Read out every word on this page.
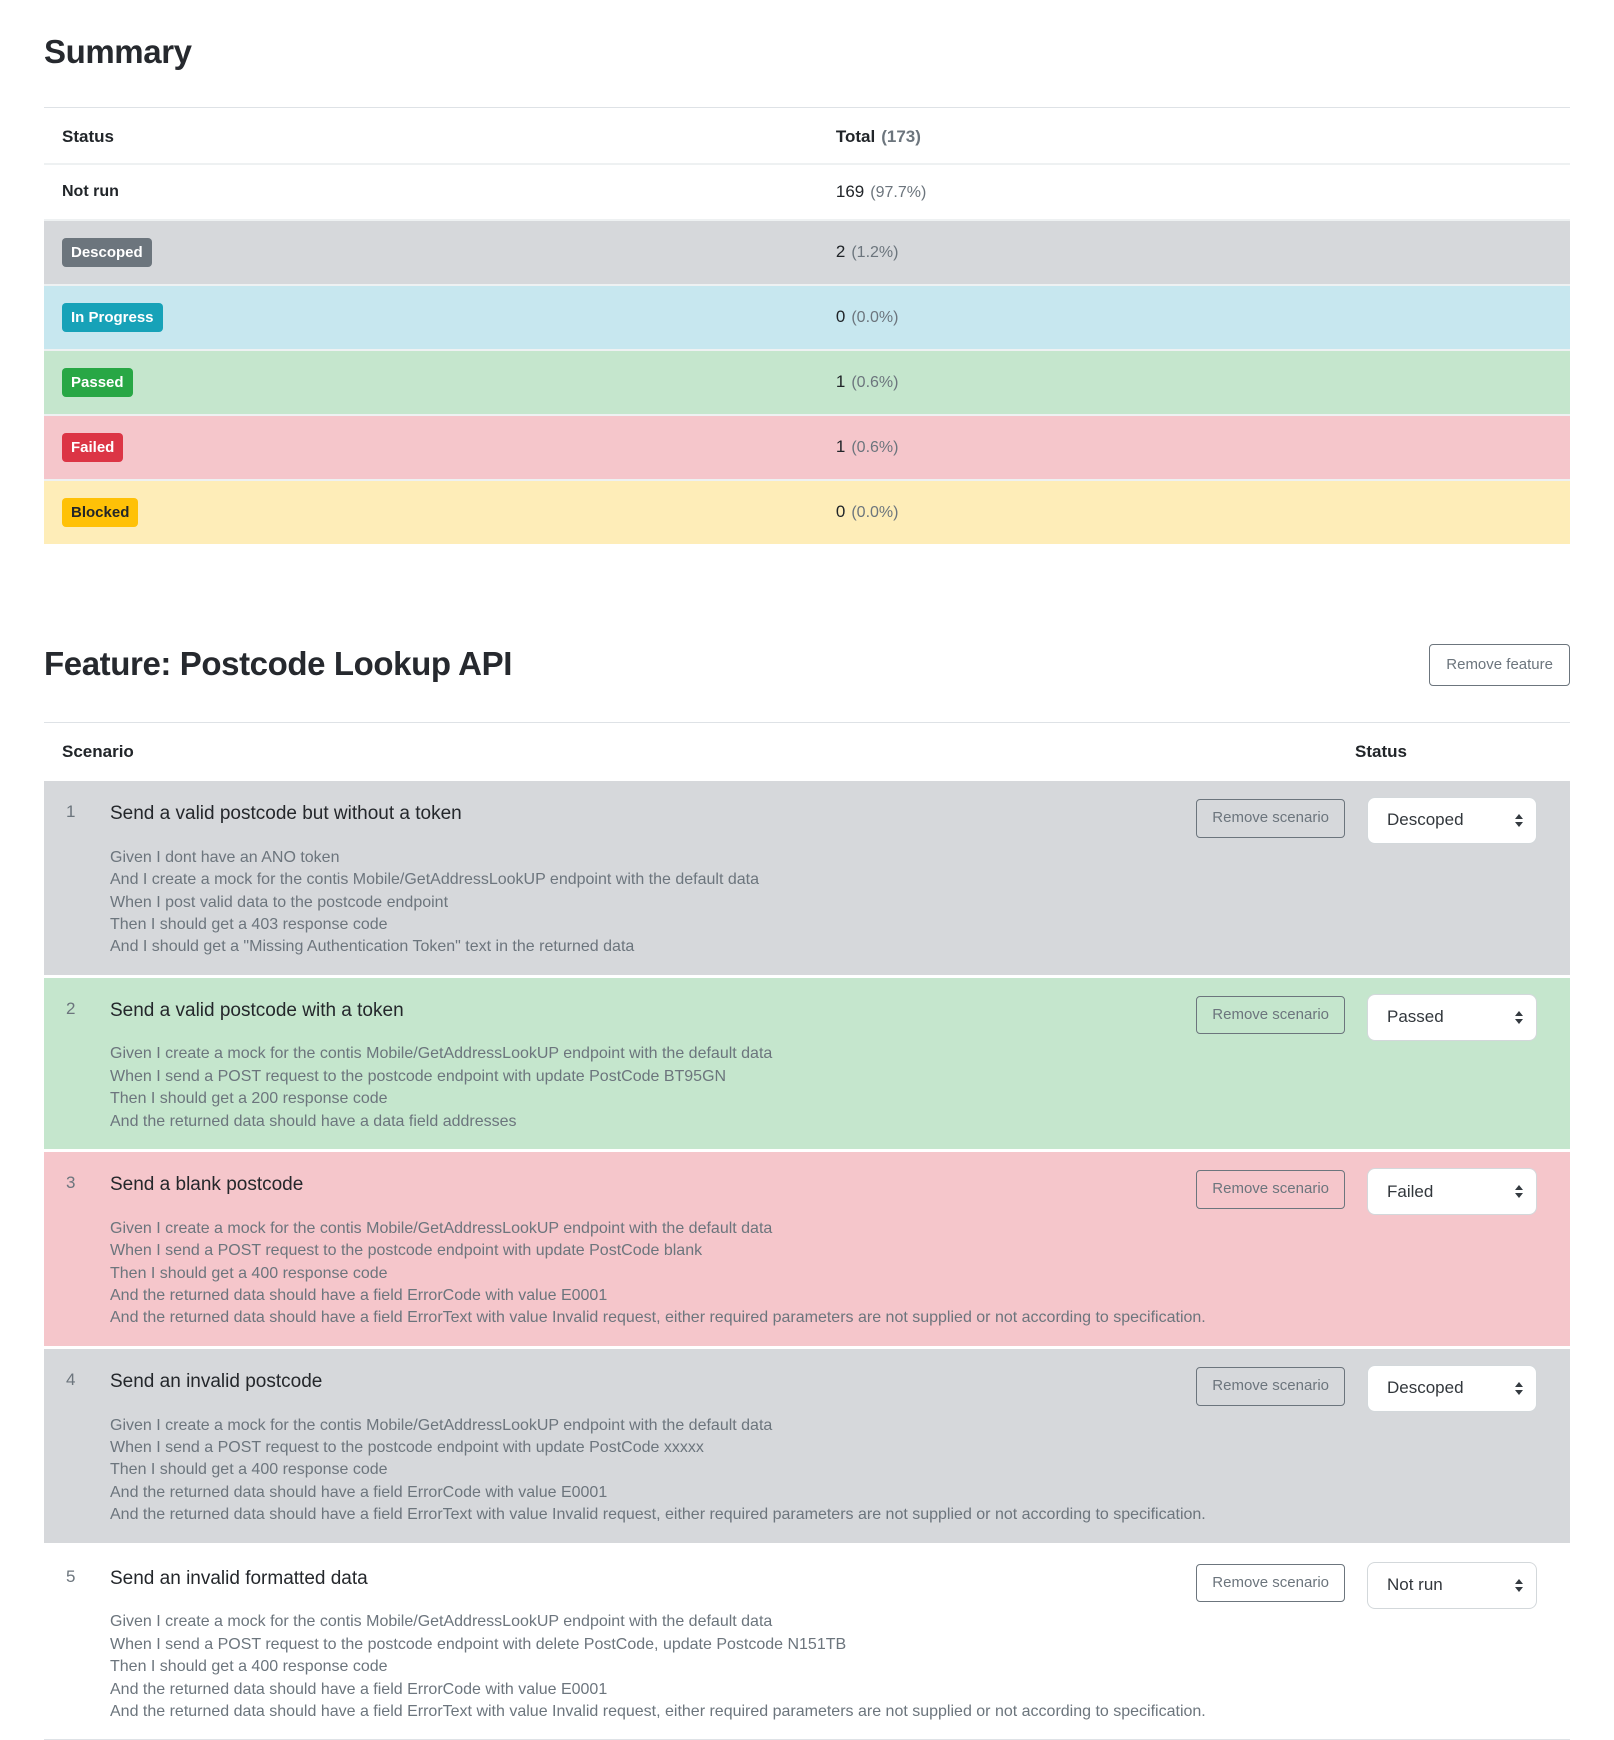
Summary
Status	Total (173)
Not run	169 (97.7%)
Descoped	2 (1.2%)
In Progress	0 (0.0%)
Passed	1 (0.6%)
Failed	1 (0.6%)
Blocked	0 (0.0%)
Feature: Postcode Lookup API	Remove feature
Scenario		Status
1	Send a valid postcode but without a token	Remove scenario
Given I dont have an ANO token
And I create a mock for the contis Mobile/GetAddressLookUP endpoint with the default data
When I post valid data to the postcode endpoint
Then I should get a 403 response code
And I should get a "Missing Authentication Token" text in the returned data

Descoped

2	Send a valid postcode with a token	Remove scenario
Given I create a mock for the contis Mobile/GetAddressLookUP endpoint with the default data
When I send a POST request to the postcode endpoint with update PostCode BT95GN
Then I should get a 200 response code
And the returned data should have a data field addresses

Passed

3	Send a blank postcode	Remove scenario
Given I create a mock for the contis Mobile/GetAddressLookUP endpoint with the default data
When I send a POST request to the postcode endpoint with update PostCode blank
Then I should get a 400 response code
And the returned data should have a field ErrorCode with value E0001
And the returned data should have a field ErrorText with value Invalid request, either required parameters are not supplied or not according to specification.

Failed

4	Send an invalid postcode	Remove scenario
Given I create a mock for the contis Mobile/GetAddressLookUP endpoint with the default data
When I send a POST request to the postcode endpoint with update PostCode xxxxx
Then I should get a 400 response code
And the returned data should have a field ErrorCode with value E0001
And the returned data should have a field ErrorText with value Invalid request, either required parameters are not supplied or not according to specification.

Descoped

5	Send an invalid formatted data	Remove scenario
Given I create a mock for the contis Mobile/GetAddressLookUP endpoint with the default data
When I send a POST request to the postcode endpoint with delete PostCode, update Postcode N151TB
Then I should get a 400 response code
And the returned data should have a field ErrorCode with value E0001
And the returned data should have a field ErrorText with value Invalid request, either required parameters are not supplied or not according to specification.

Not run
